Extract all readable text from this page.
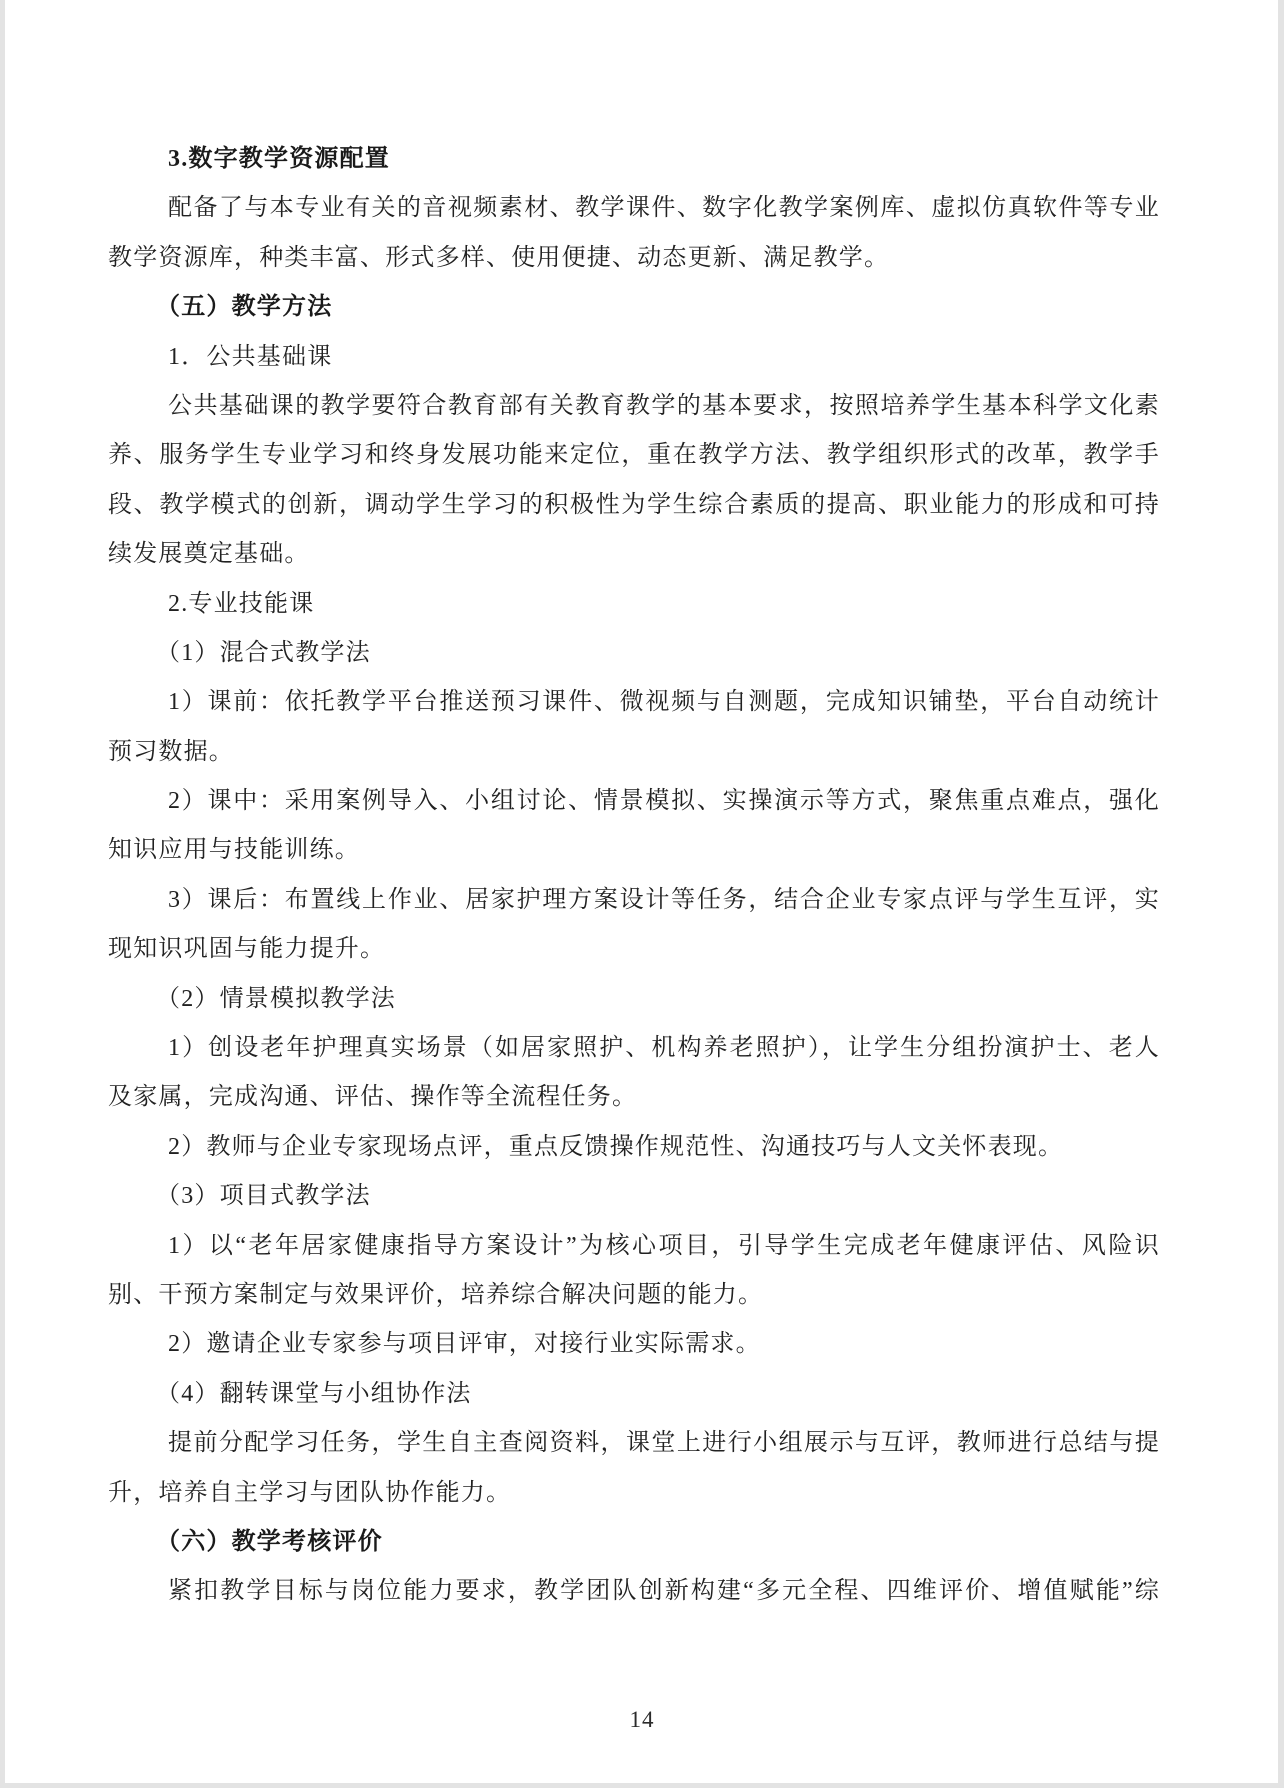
3.数字教学资源配置
配备了与本专业有关的音视频素材、教学课件、数字化教学案例库、虚拟仿真软件等专业
教学资源库，种类丰富、形式多样、使用便捷、动态更新、满足教学。
（五）教学方法
1．公共基础课
公共基础课的教学要符合教育部有关教育教学的基本要求，按照培养学生基本科学文化素
养、服务学生专业学习和终身发展功能来定位，重在教学方法、教学组织形式的改革，教学手
段、教学模式的创新，调动学生学习的积极性为学生综合素质的提高、职业能力的形成和可持
续发展奠定基础。
2.专业技能课
（1）混合式教学法
1）课前：依托教学平台推送预习课件、微视频与自测题，完成知识铺垫，平台自动统计
预习数据。
2）课中：采用案例导入、小组讨论、情景模拟、实操演示等方式，聚焦重点难点，强化
知识应用与技能训练。
3）课后：布置线上作业、居家护理方案设计等任务，结合企业专家点评与学生互评，实
现知识巩固与能力提升。
（2）情景模拟教学法
1）创设老年护理真实场景（如居家照护、机构养老照护），让学生分组扮演护士、老人
及家属，完成沟通、评估、操作等全流程任务。
2）教师与企业专家现场点评，重点反馈操作规范性、沟通技巧与人文关怀表现。
（3）项目式教学法
1）以“老年居家健康指导方案设计”为核心项目，引导学生完成老年健康评估、风险识
别、干预方案制定与效果评价，培养综合解决问题的能力。
2）邀请企业专家参与项目评审，对接行业实际需求。
（4）翻转课堂与小组协作法
提前分配学习任务，学生自主查阅资料，课堂上进行小组展示与互评，教师进行总结与提
升，培养自主学习与团队协作能力。
（六）教学考核评价
紧扣教学目标与岗位能力要求，教学团队创新构建“多元全程、四维评价、增值赋能”综
14
